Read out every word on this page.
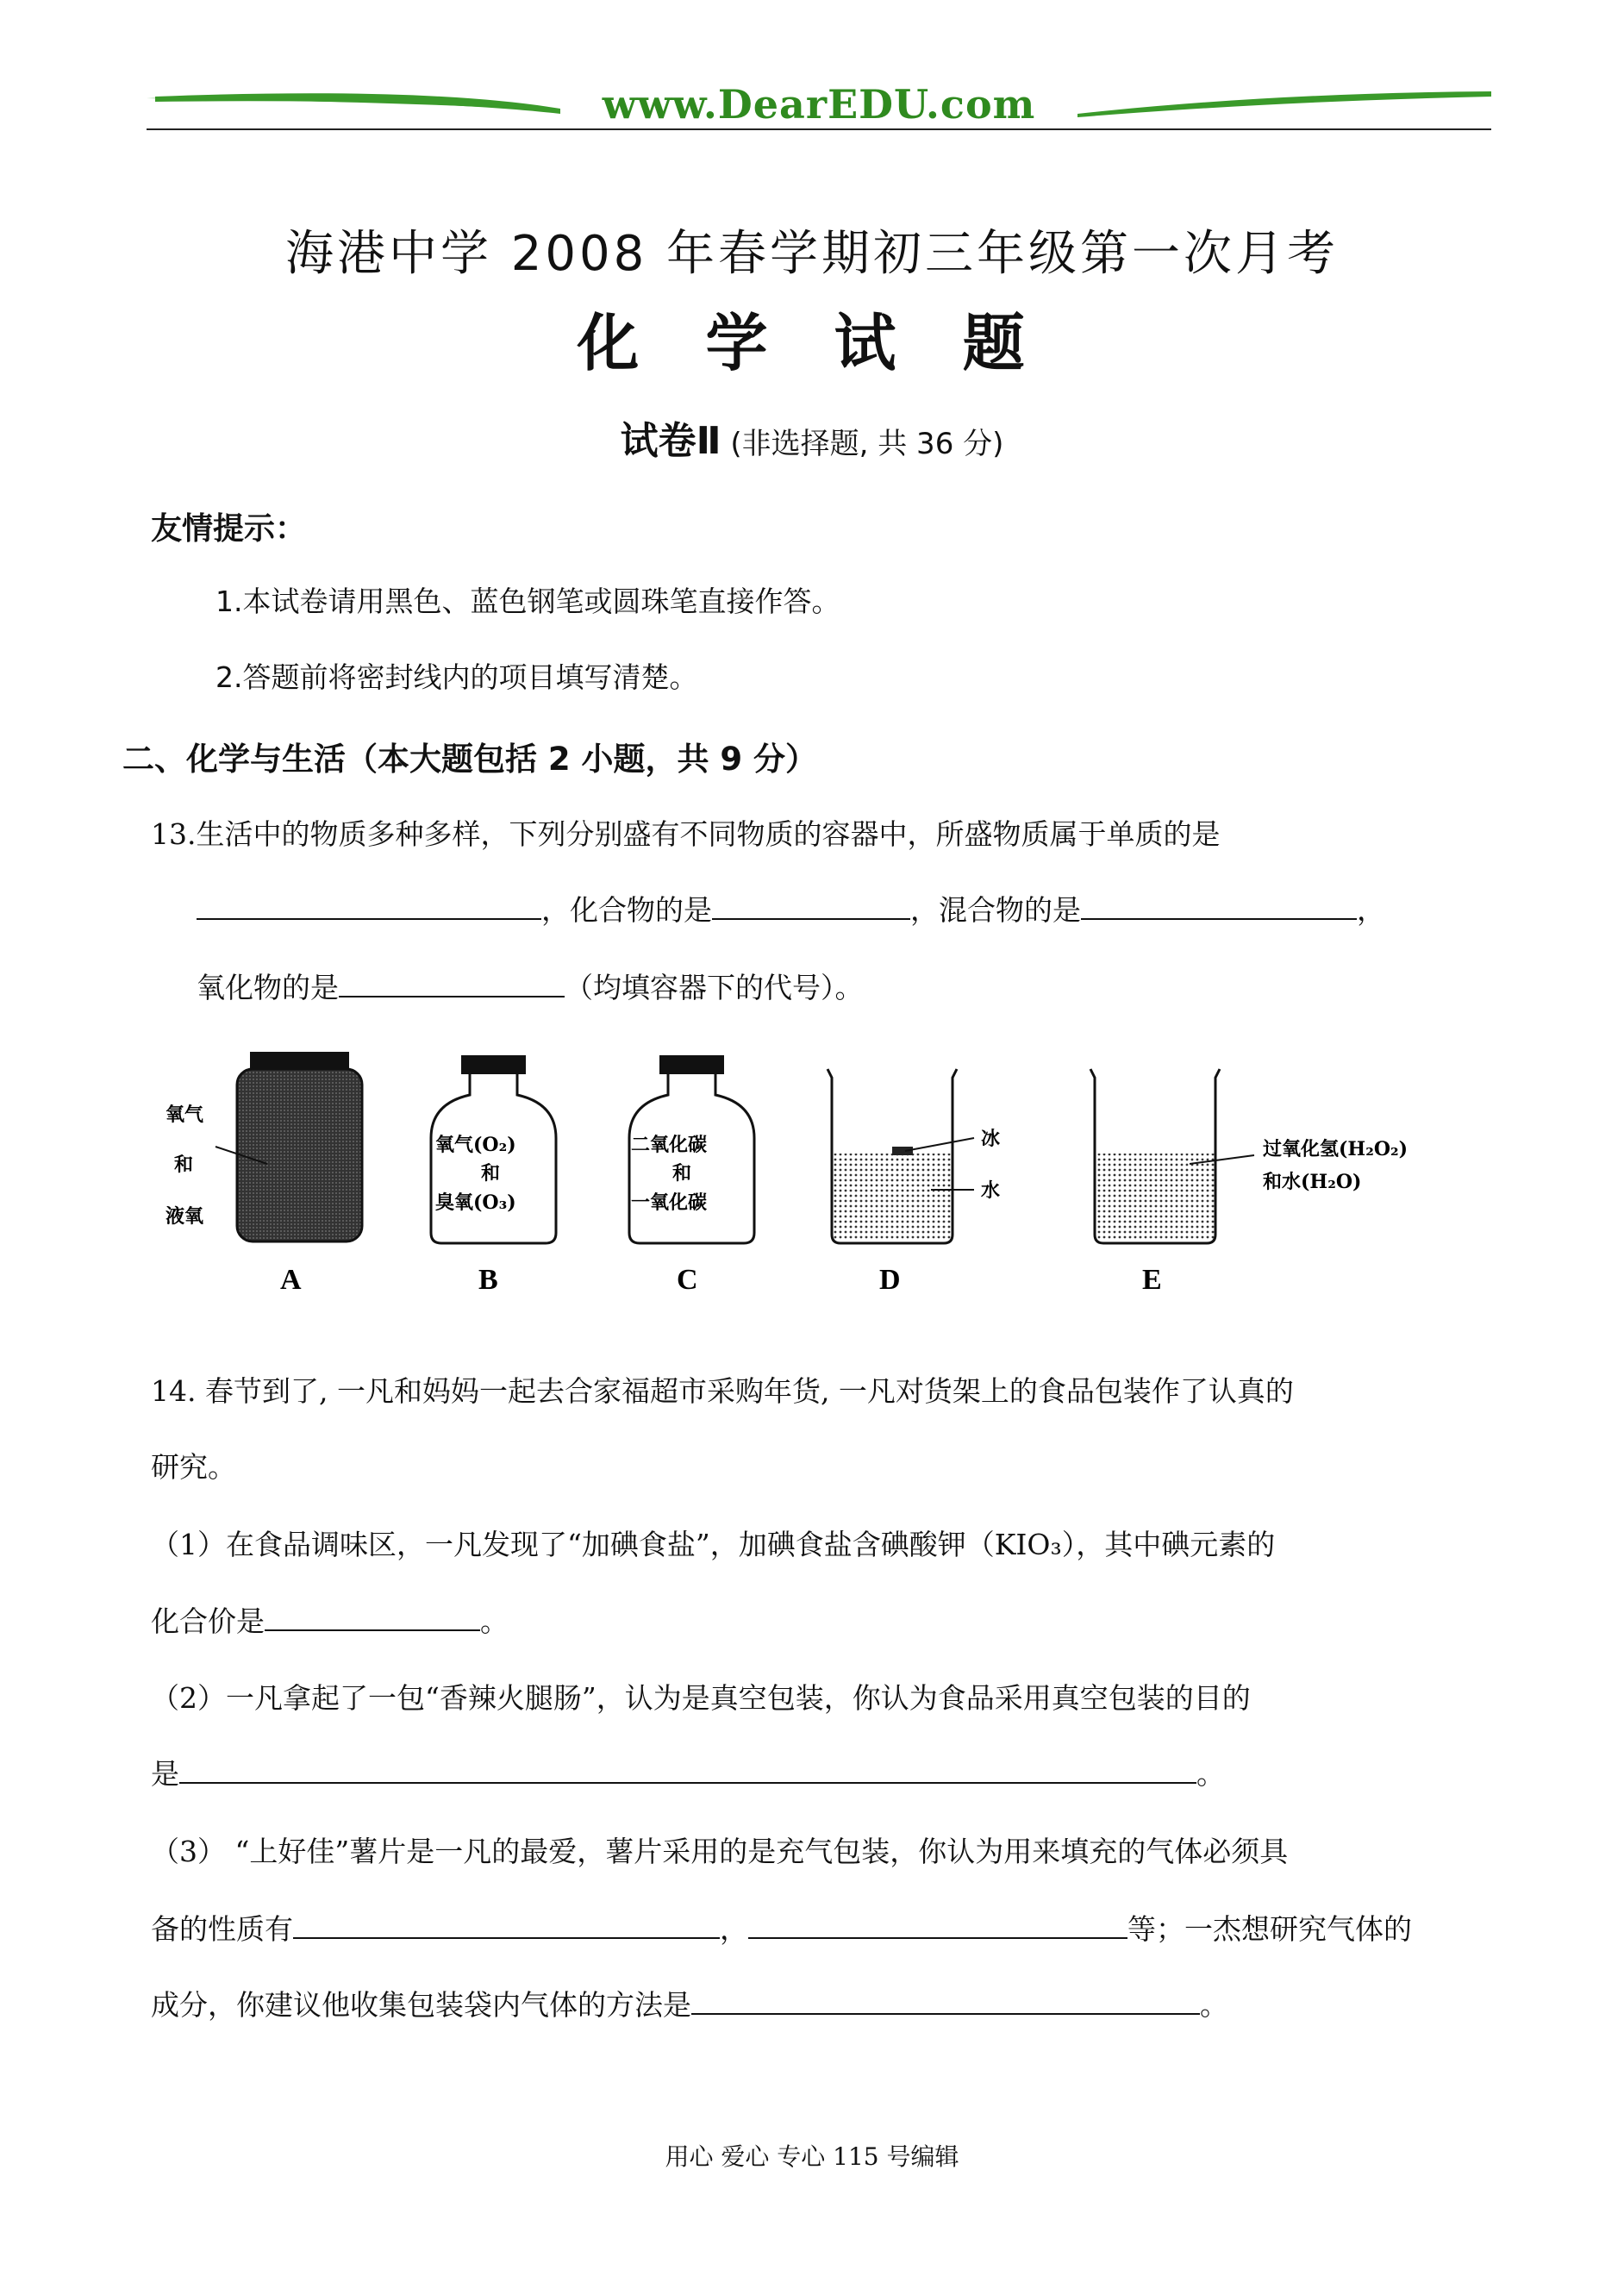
www.DearEDU.com
海港中学 2008 年春学期初三年级第一次月考
化 学 试 题
试卷Ⅱ (非选择题, 共 36 分)
友情提示：
1.本试卷请用黑色、蓝色钢笔或圆珠笔直接作答。
2.答题前将密封线内的项目填写清楚。
二、化学与生活（本大题包括 2 小题，共 9 分）
13.生活中的物质多种多样，下列分别盛有不同物质的容器中，所盛物质属于单质的是
，化合物的是	，混合物的是	，
氧化物的是	（均填容器下的代号）。
氧气
和
液氧
氧气(O₂)
和
臭氧(O₃)
二氧化碳
和
一氧化碳
冰
水
过氧化氢(H₂O₂)
和水(H₂O)
A	B	C	D	E
14. 春节到了, 一凡和妈妈一起去合家福超市采购年货, 一凡对货架上的食品包装作了认真的
研究。
（1）在食品调味区，一凡发现了“加碘食盐”，加碘食盐含碘酸钾（KIO₃），其中碘元素的
化合价是	。
（2）一凡拿起了一包“香辣火腿肠”，认为是真空包装，你认为食品采用真空包装的目的
是	。
（3） “上好佳”薯片是一凡的最爱，薯片采用的是充气包装，你认为用来填充的气体必须具
备的性质有	，	等；一杰想研究气体的
成分，你建议他收集包装袋内气体的方法是	。
用心 爱心 专心 115 号编辑
